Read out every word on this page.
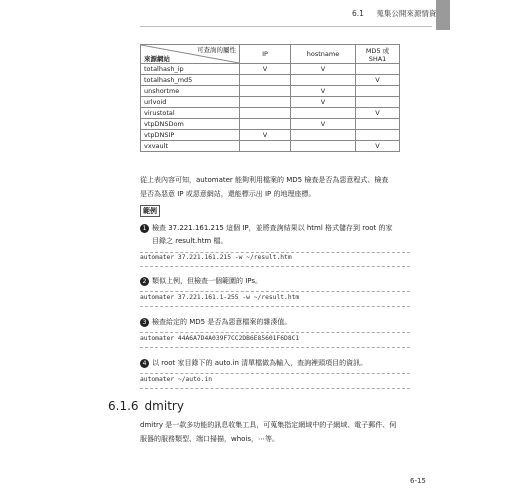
6.1 蒐集公開來源情資
可查詢的屬性
來源網站	IP	hostname	MD5 或 SHA1
totalhash_ip	V	V	
totalhash_md5			V
unshortme		V	
urlvoid		V	
virustotal			V
vtpDNSDom		V	
vtpDNSIP	V		
vxvault			V
從上表內容可知，automater 能夠利用檔案的 MD5 檢查是否為惡意程式、檢查
是否為惡意 IP 或惡意網站，還能標示出 IP 的地理座標。
範例
1 檢查 37.221.161.215 這個 IP，並將查詢結果以 html 格式儲存到 root 的家
目錄之 result.htm 檔。
automater 37.221.161.215 -w ~/result.htm
2 類似上例，但檢查一個範圍的 IPs。
automater 37.221.161.1-255 -w ~/result.htm
3 檢查給定的 MD5 是否為惡意檔案的雜湊值。
automater 44A6A7D4A039F7CC2DB6E85601F6D8C1
4 以 root 家目錄下的 auto.in 清單檔做為輸入，查詢裡頭項目的資訊。
automater ~/auto.in
6.1.6 dmitry
dmitry 是一款多功能的訊息收集工具，可蒐集指定網域中的子網域、電子郵件、伺
服器的服務類型、端口掃描，whois，⋯等。
6-15
